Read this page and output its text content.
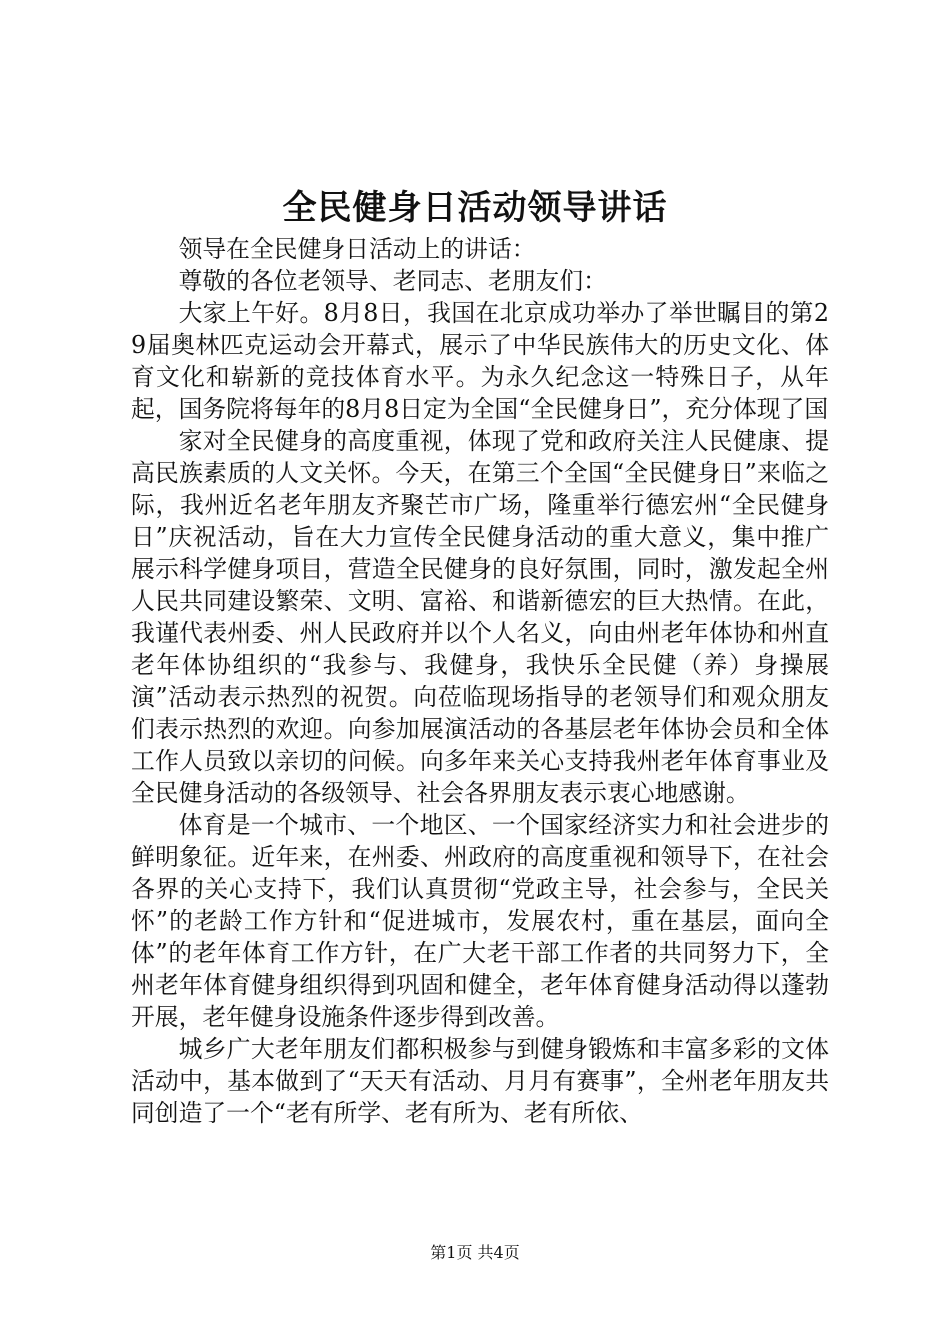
全民健身日活动领导讲话

领导在全民健身日活动上的讲话：

尊敬的各位老领导、老同志、老朋友们：

大家上午好。8月8日，我国在北京成功举办了举世瞩目的第29届奥林匹克运动会开幕式，展示了中华民族伟大的历史文化、体育文化和崭新的竞技体育水平。为永久纪念这一特殊日子，从年起，国务院将每年的8月8日定为全国“全民健身日”，充分体现了国

家对全民健身的高度重视，体现了党和政府关注人民健康、提高民族素质的人文关怀。今天，在第三个全国“全民健身日”来临之际，我州近名老年朋友齐聚芒市广场，隆重举行德宏州“全民健身日”庆祝活动，旨在大力宣传全民健身活动的重大意义，集中推广展示科学健身项目，营造全民健身的良好氛围，同时，激发起全州人民共同建设繁荣、文明、富裕、和谐新德宏的巨大热情。在此，我谨代表州委、州人民政府并以个人名义，向由州老年体协和州直老年体协组织的“我参与、我健身，我快乐全民健（养）身操展演”活动表示热烈的祝贺。向莅临现场指导的老领导们和观众朋友们表示热烈的欢迎。向参加展演活动的各基层老年体协会员和全体工作人员致以亲切的问候。向多年来关心支持我州老年体育事业及全民健身活动的各级领导、社会各界朋友表示衷心地感谢。

体育是一个城市、一个地区、一个国家经济实力和社会进步的鲜明象征。近年来，在州委、州政府的高度重视和领导下，在社会各界的关心支持下，我们认真贯彻“党政主导，社会参与，全民关怀”的老龄工作方针和“促进城市，发展农村，重在基层，面向全体”的老年体育工作方针，在广大老干部工作者的共同努力下，全州老年体育健身组织得到巩固和健全，老年体育健身活动得以蓬勃开展，老年健身设施条件逐步得到改善。

城乡广大老年朋友们都积极参与到健身锻炼和丰富多彩的文体活动中，基本做到了“天天有活动、月月有赛事”，全州老年朋友共同创造了一个“老有所学、老有所为、老有所依、

第1页 共4页
